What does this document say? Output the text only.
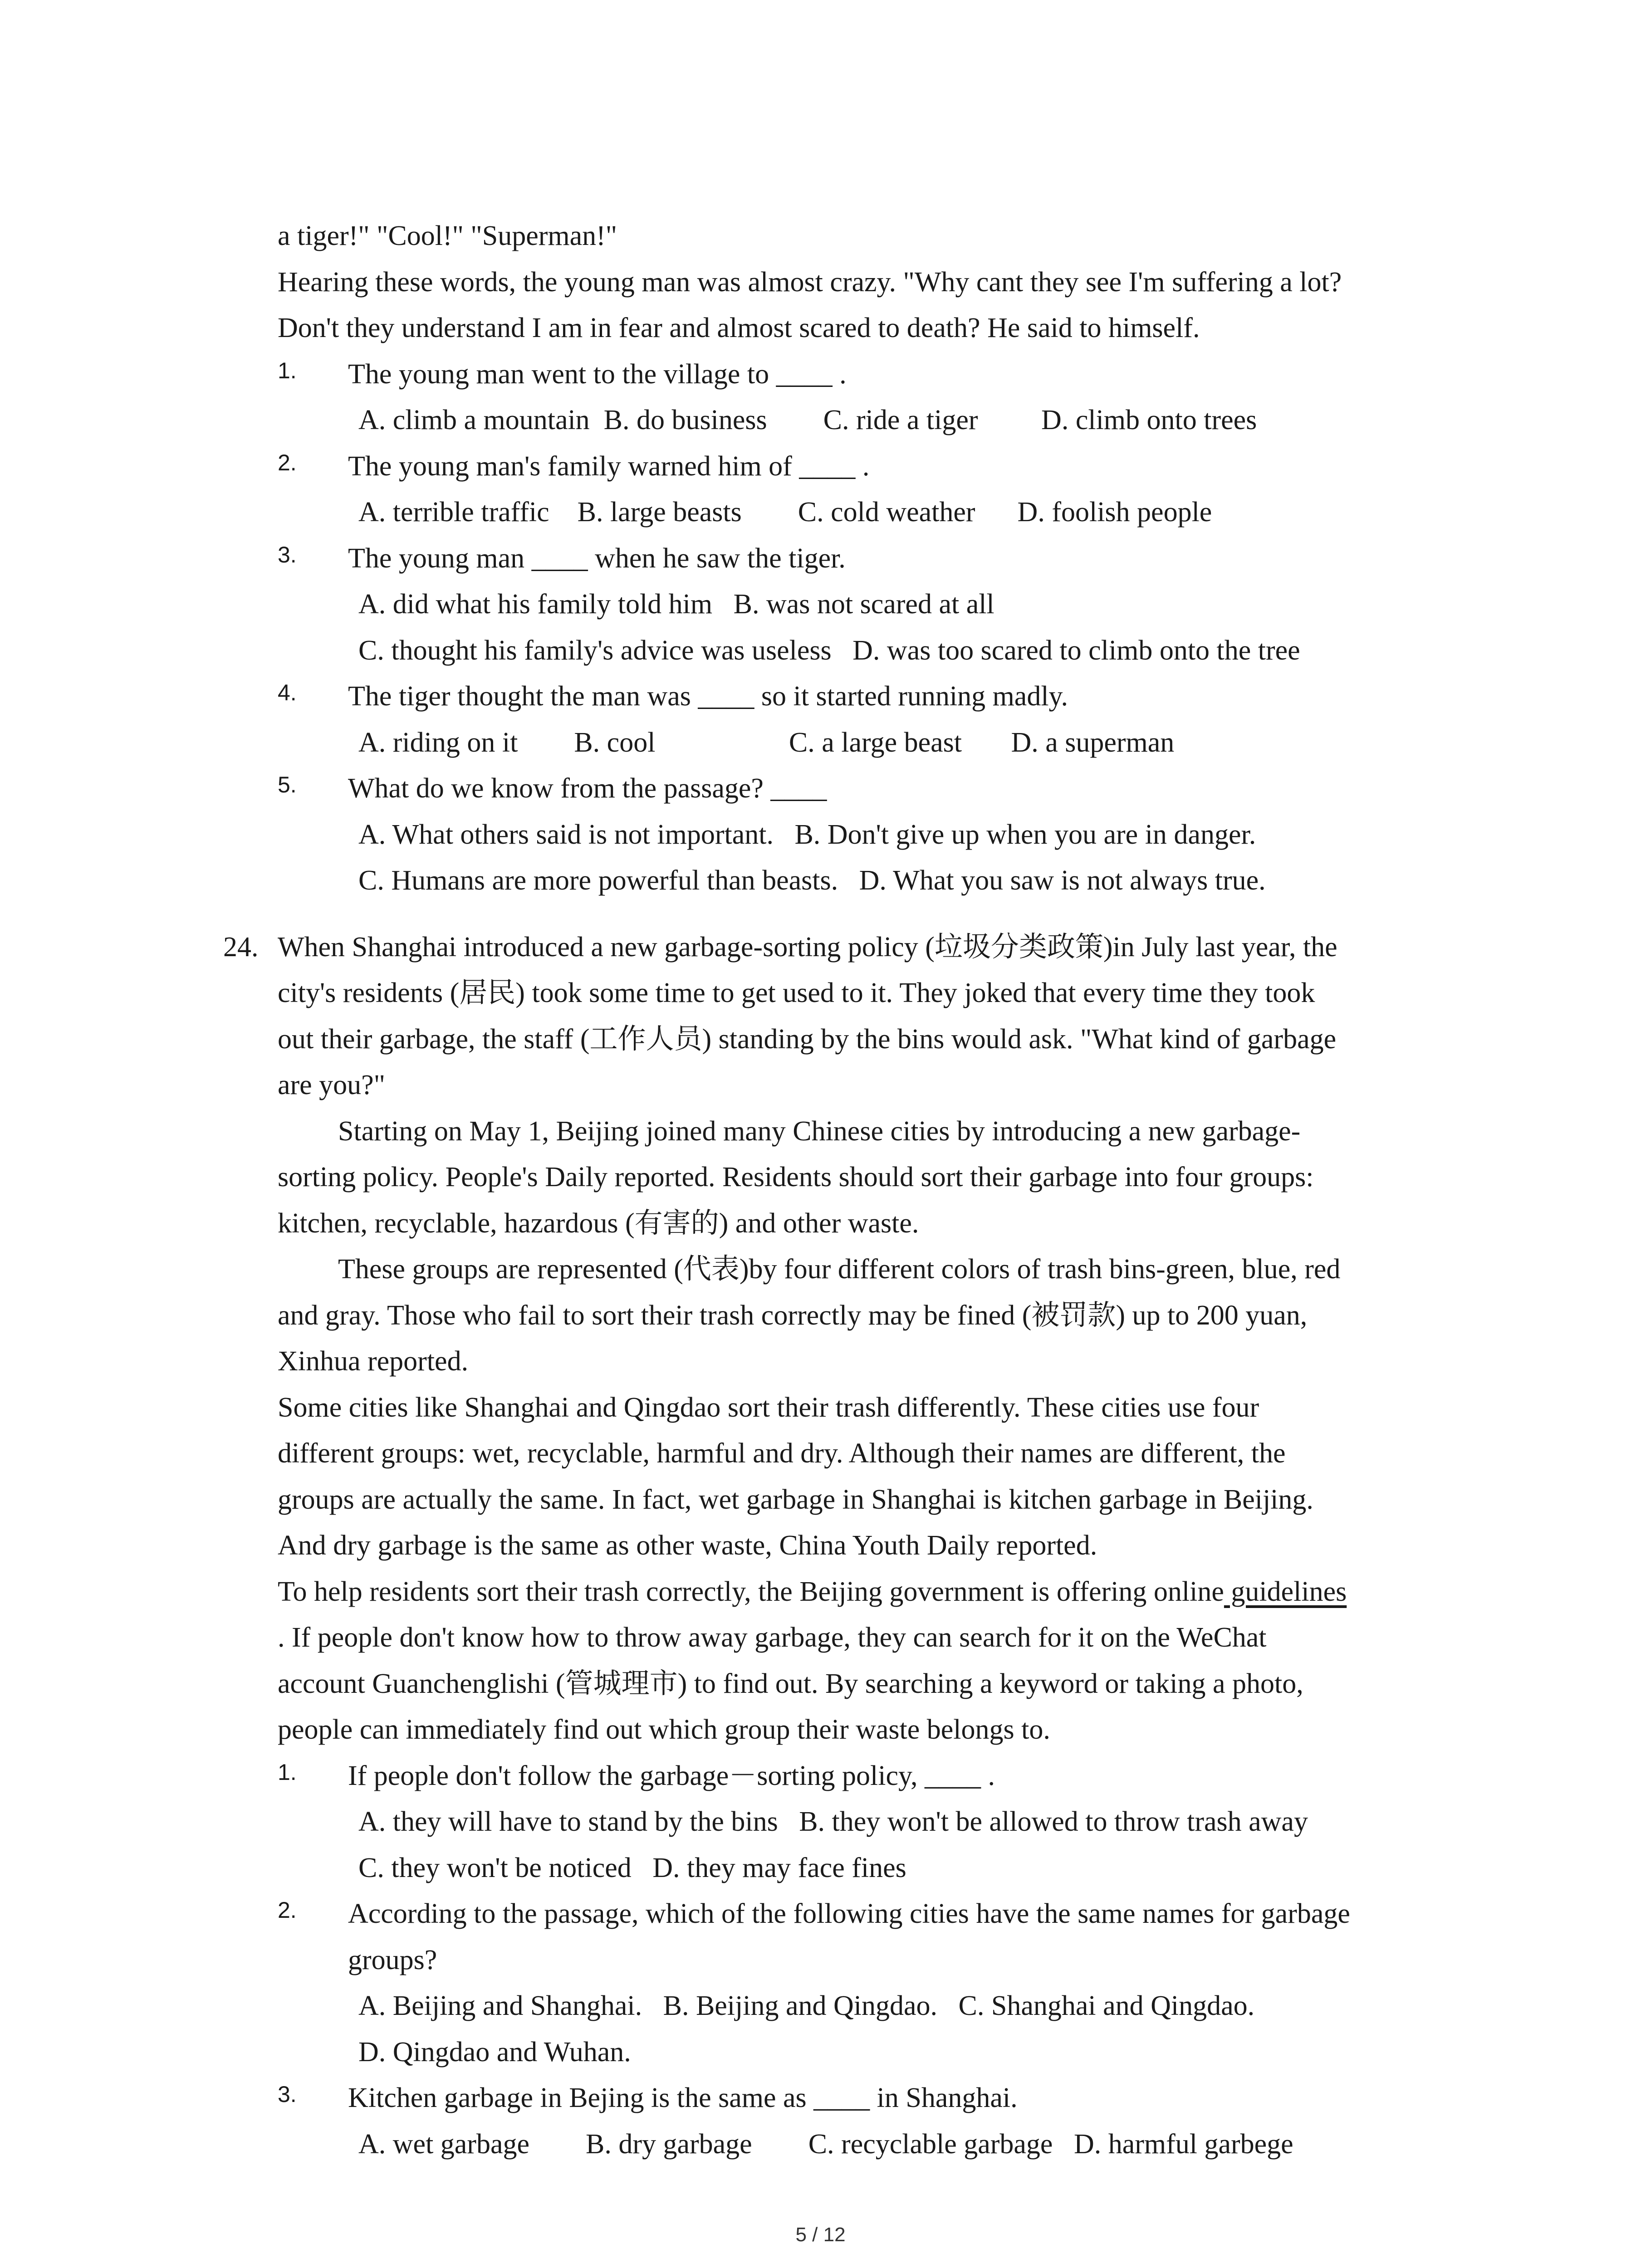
a tiger!" "Cool!" "Superman!"
Hearing these words, the young man was almost crazy. "Why cant they see I'm suffering a lot?
Don't they understand I am in fear and almost scared to death? He said to himself.
1. The young man went to the village to ____ .
A. climb a mountain  B. do business        C. ride a tiger         D. climb onto trees
2. The young man's family warned him of ____ .
A. terrible traffic    B. large beasts        C. cold weather      D. foolish people
3. The young man ____ when he saw the tiger.
A. did what his family told him   B. was not scared at all
C. thought his family's advice was useless   D. was too scared to climb onto the tree
4. The tiger thought the man was ____ so it started running madly.
A. riding on it        B. cool                   C. a large beast       D. a superman
5. What do we know from the passage? ____
A. What others said is not important.   B. Don't give up when you are in danger.
C. Humans are more powerful than beasts.   D. What you saw is not always true.
24. When Shanghai introduced a new garbage-sorting policy (垃圾分类政策)in July last year, the
city's residents (居民) took some time to get used to it. They joked that every time they took
out their garbage, the staff (工作人员) standing by the bins would ask. "What kind of garbage
are you?"
Starting on May 1, Beijing joined many Chinese cities by introducing a new garbage-
sorting policy. People's Daily reported. Residents should sort their garbage into four groups:
kitchen, recyclable, hazardous (有害的) and other waste.
These groups are represented (代表)by four different colors of trash bins-green, blue, red
and gray. Those who fail to sort their trash correctly may be fined (被罚款) up to 200 yuan,
Xinhua reported.
Some cities like Shanghai and Qingdao sort their trash differently. These cities use four
different groups: wet, recyclable, harmful and dry. Although their names are different, the
groups are actually the same. In fact, wet garbage in Shanghai is kitchen garbage in Beijing.
And dry garbage is the same as other waste, China Youth Daily reported.
To help residents sort their trash correctly, the Beijing government is offering online guidelines
. If people don't know how to throw away garbage, they can search for it on the WeChat
account Guanchenglishi (管城理市) to find out. By searching a keyword or taking a photo,
people can immediately find out which group their waste belongs to.
1. If people don't follow the garbage－sorting policy, ____ .
A. they will have to stand by the bins   B. they won't be allowed to throw trash away
C. they won't be noticed   D. they may face fines
2. According to the passage, which of the following cities have the same names for garbage
groups?
A. Beijing and Shanghai.   B. Beijing and Qingdao.   C. Shanghai and Qingdao.
D. Qingdao and Wuhan.
3. Kitchen garbage in Bejing is the same as ____ in Shanghai.
A. wet garbage        B. dry garbage        C. recyclable garbage   D. harmful garbege
5 / 12
